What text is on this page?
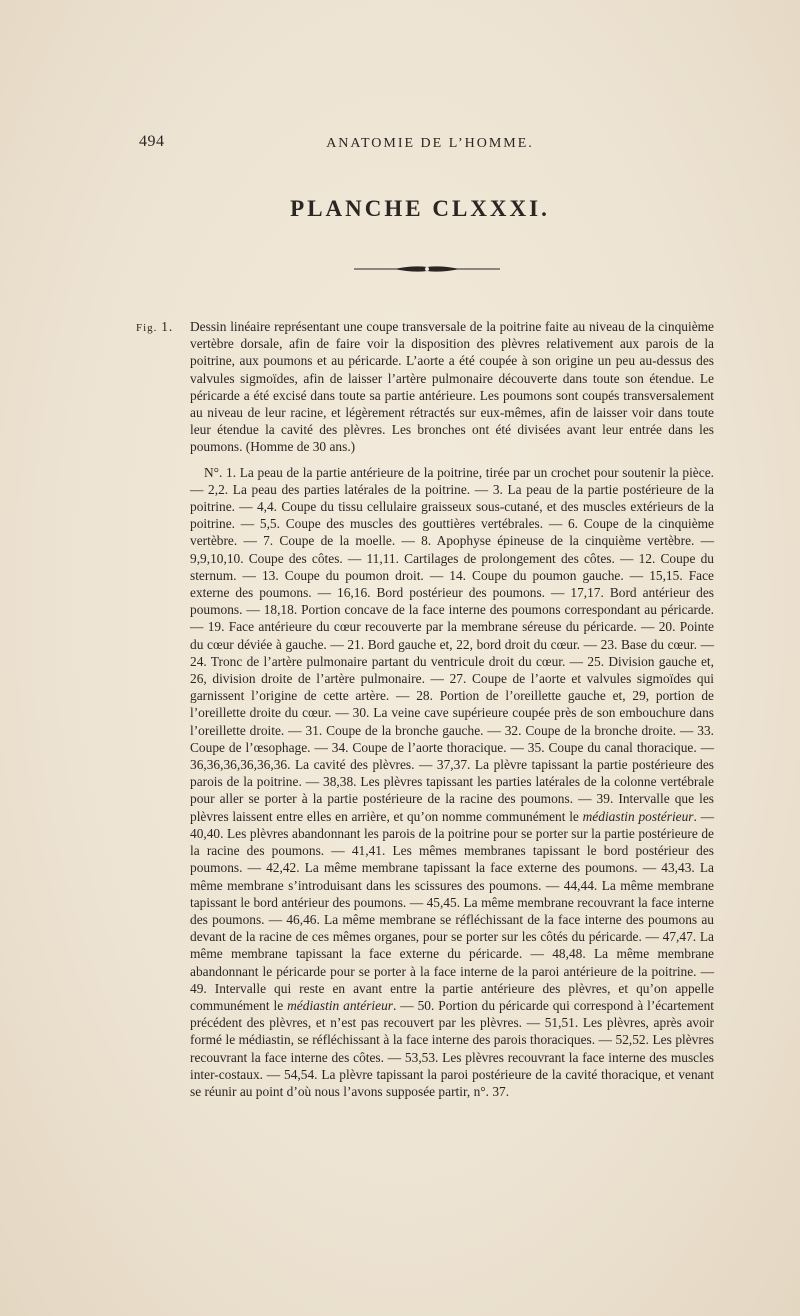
494	ANATOMIE DE L’HOMME.
PLANCHE CLXXXI.
Fig. 1.	Dessin linéaire représentant une coupe transversale de la poitrine faite au niveau de la cinquième vertèbre dorsale, afin de faire voir la disposition des plèvres relativement aux parois de la poitrine, aux poumons et au péricarde. L’aorte a été coupée à son origine un peu au-dessus des valvules sigmoïdes, afin de laisser l’artère pulmonaire découverte dans toute son étendue. Le péricarde a été excisé dans toute sa partie antérieure. Les poumons sont coupés transversalement au niveau de leur racine, et légèrement rétractés sur eux-mêmes, afin de laisser voir dans toute leur étendue la cavité des plèvres. Les bronches ont été divisées avant leur entrée dans les poumons. (Homme de 30 ans.)
N°. 1. La peau de la partie antérieure de la poitrine, tirée par un crochet pour soutenir la pièce. — 2,2. La peau des parties latérales de la poitrine. — 3. La peau de la partie postérieure de la poitrine. — 4,4. Coupe du tissu cellulaire graisseux sous-cutané, et des muscles extérieurs de la poitrine. — 5,5. Coupe des muscles des gouttières vertébrales. — 6. Coupe de la cinquième vertèbre. — 7. Coupe de la moelle. — 8. Apophyse épineuse de la cinquième vertèbre. — 9,9,10,10. Coupe des côtes. — 11,11. Cartilages de prolongement des côtes. — 12. Coupe du sternum. — 13. Coupe du poumon droit. — 14. Coupe du poumon gauche. — 15,15. Face externe des poumons. — 16,16. Bord postérieur des poumons. — 17,17. Bord antérieur des poumons. — 18,18. Portion concave de la face interne des poumons correspondant au péricarde. — 19. Face antérieure du cœur recouverte par la membrane séreuse du péricarde. — 20. Pointe du cœur déviée à gauche. — 21. Bord gauche et, 22, bord droit du cœur. — 23. Base du cœur. — 24. Tronc de l’artère pulmonaire partant du ventricule droit du cœur. — 25. Division gauche et, 26, division droite de l’artère pulmonaire. — 27. Coupe de l’aorte et valvules sigmoïdes qui garnissent l’origine de cette artère. — 28. Portion de l’oreillette gauche et, 29, portion de l’oreillette droite du cœur. — 30. La veine cave supérieure coupée près de son embouchure dans l’oreillette droite. — 31. Coupe de la bronche gauche. — 32. Coupe de la bronche droite. — 33. Coupe de l’œsophage. — 34. Coupe de l’aorte thoracique. — 35. Coupe du canal thoracique. — 36,36,36,36,36,36. La cavité des plèvres. — 37,37. La plèvre tapissant la partie postérieure des parois de la poitrine. — 38,38. Les plèvres tapissant les parties latérales de la colonne vertébrale pour aller se porter à la partie postérieure de la racine des poumons. — 39. Intervalle que les plèvres laissent entre elles en arrière, et qu’on nomme communément le médiastin postérieur. — 40,40. Les plèvres abandonnant les parois de la poitrine pour se porter sur la partie postérieure de la racine des poumons. — 41,41. Les mêmes membranes tapissant le bord postérieur des poumons. — 42,42. La même membrane tapissant la face externe des poumons. — 43,43. La même membrane s’introduisant dans les scissures des poumons. — 44,44. La même membrane tapissant le bord antérieur des poumons. — 45,45. La même membrane recouvrant la face interne des poumons. — 46,46. La même membrane se réfléchissant de la face interne des poumons au devant de la racine de ces mêmes organes, pour se porter sur les côtés du péricarde. — 47,47. La même membrane tapissant la face externe du péricarde. — 48,48. La même membrane abandonnant le péricarde pour se porter à la face interne de la paroi antérieure de la poitrine. — 49. Intervalle qui reste en avant entre la partie antérieure des plèvres, et qu’on appelle communément le médiastin antérieur. — 50. Portion du péricarde qui correspond à l’écartement précédent des plèvres, et n’est pas recouvert par les plèvres. — 51,51. Les plèvres, après avoir formé le médiastin, se réfléchissant à la face interne des parois thoraciques. — 52,52. Les plèvres recouvrant la face interne des côtes. — 53,53. Les plèvres recouvrant la face interne des muscles inter-costaux. — 54,54. La plèvre tapissant la paroi postérieure de la cavité thoracique, et venant se réunir au point d’où nous l’avons supposée partir, n°. 37.
